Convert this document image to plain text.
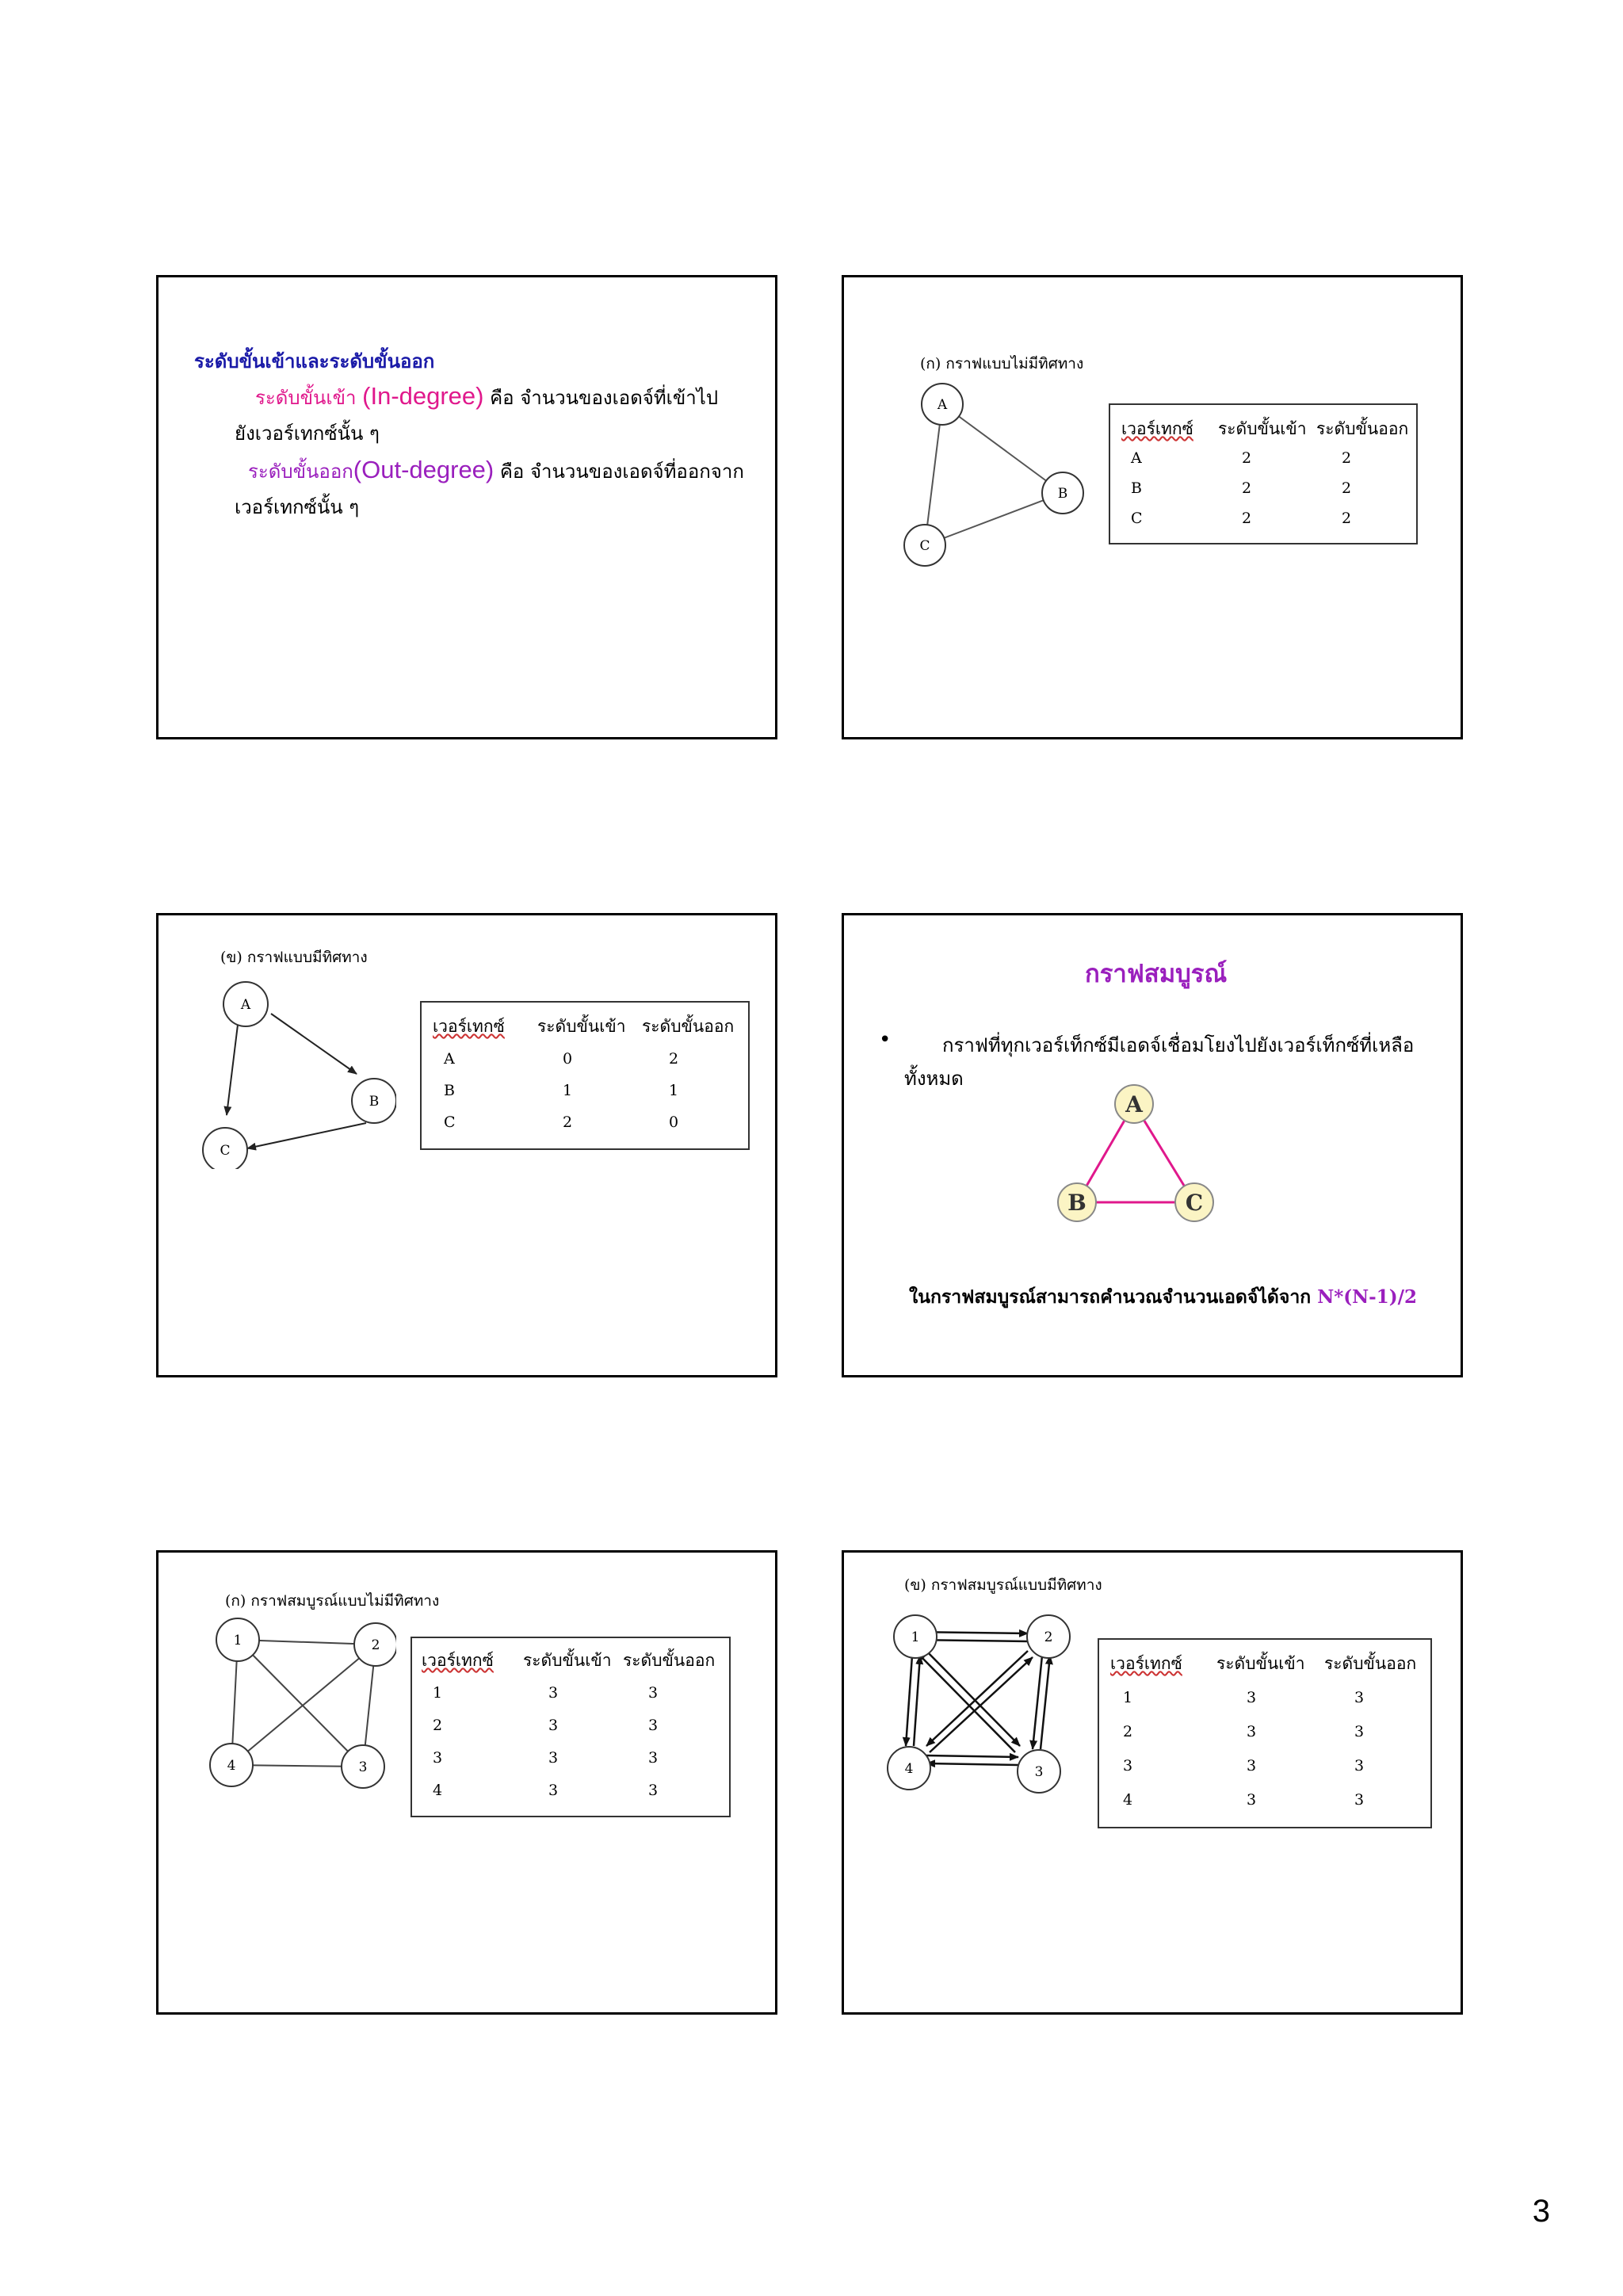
ระดับขั้นเข้าและระดับขั้นออก
ระดับขั้นเข้า (In-degree) คือ จำนวนของเอดจ์ที่เข้าไป
ยังเวอร์เทกซ์นั้น ๆ
ระดับขั้นออก(Out-degree) คือ จำนวนของเอดจ์ที่ออกจาก
เวอร์เทกซ์นั้น ๆ
(ก) กราฟแบบไม่มีทิศทาง
A
B
C
เวอร์เทกซ์ ระดับขั้นเข้า ระดับขั้นออก
A	2	2
B	2	2
C	2	2
(ข) กราฟแบบมีทิศทาง
A
B
C
เวอร์เทกซ์ ระดับขั้นเข้า ระดับขั้นออก
A	0	2
B	1	1
C	2	0
กราฟสมบูรณ์
•	กราฟที่ทุกเวอร์เท็กซ์มีเอดจ์เชื่อมโยงไปยังเวอร์เท็กซ์ที่เหลือ
ทั้งหมด
A
B	C
ในกราฟสมบูรณ์สามารถคำนวณจำนวนเอดจ์ได้จาก N*(N-1)/2
(ก) กราฟสมบูรณ์แบบไม่มีทิศทาง
1	2
3
4
เวอร์เทกซ์ ระดับขั้นเข้า ระดับขั้นออก
1	3	3
2	3	3
3	3	3
4	3	3
(ข) กราฟสมบูรณ์แบบมีทิศทาง
1	2
3
4
เวอร์เทกซ์ ระดับขั้นเข้า ระดับขั้นออก
1	3	3
2	3	3
3	3	3
4	3	3
3
